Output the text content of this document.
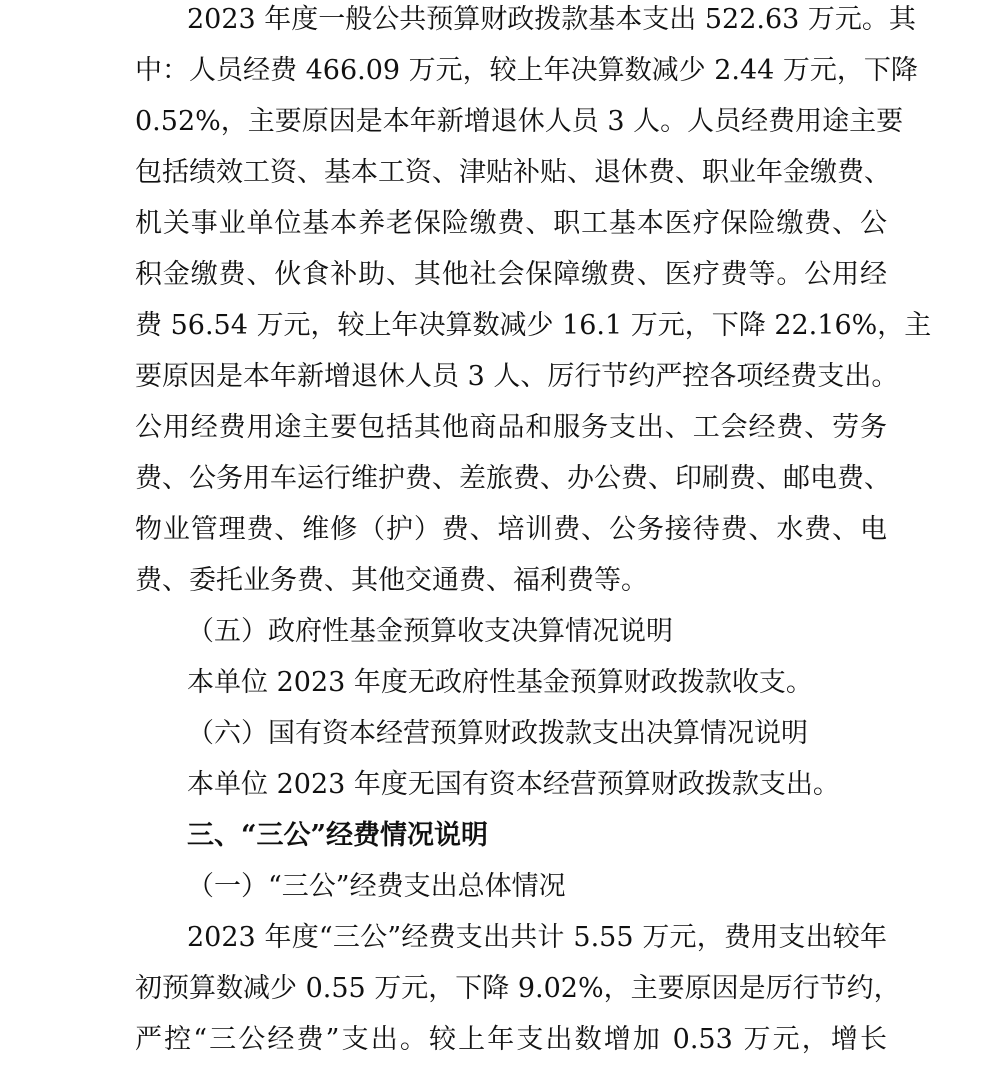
2023 年度一般公共预算财政拨款基本支出 522.63 万元。其
中：人员经费 466.09 万元，较上年决算数减少 2.44 万元，下降
0.52%，主要原因是本年新增退休人员 3 人。人员经费用途主要
包括绩效工资、基本工资、津贴补贴、退休费、职业年金缴费、
机关事业单位基本养老保险缴费、职工基本医疗保险缴费、公
积金缴费、伙食补助、其他社会保障缴费、医疗费等。公用经
费 56.54 万元，较上年决算数减少 16.1 万元，下降 22.16%，主
要原因是本年新增退休人员 3 人、厉行节约严控各项经费支出。
公用经费用途主要包括其他商品和服务支出、工会经费、劳务
费、公务用车运行维护费、差旅费、办公费、印刷费、邮电费、
物业管理费、维修（护）费、培训费、公务接待费、水费、电
费、委托业务费、其他交通费、福利费等。
（五）政府性基金预算收支决算情况说明
本单位 2023 年度无政府性基金预算财政拨款收支。
（六）国有资本经营预算财政拨款支出决算情况说明
本单位 2023 年度无国有资本经营预算财政拨款支出。
三、“三公”经费情况说明
（一）“三公”经费支出总体情况
2023 年度“三公”经费支出共计 5.55 万元，费用支出较年
初预算数减少 0.55 万元，下降 9.02%，主要原因是厉行节约，
严控“三公经费”支出。较上年支出数增加 0.53 万元，增长
